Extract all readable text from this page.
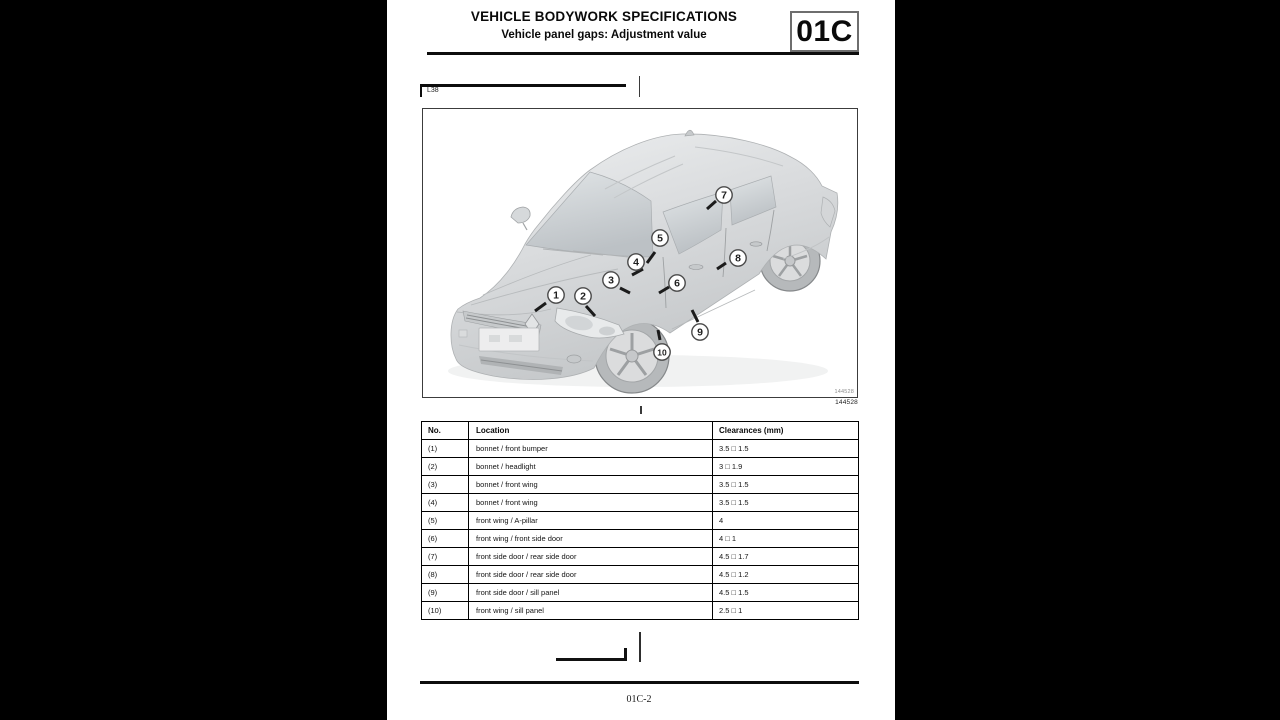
VEHICLE BODYWORK SPECIFICATIONS
Vehicle panel gaps: Adjustment value	01C
L38
1 2
3
4
5
6
7
8
9
10
144528
144528
No.	Location	Clearances (mm)
(1)	bonnet / front bumper	3.5 □ 1.5
(2)	bonnet / headlight	3 □ 1.9
(3)	bonnet / front wing	3.5 □ 1.5
(4)	bonnet / front wing	3.5 □ 1.5
(5)	front wing / A-pillar	4
(6)	front wing / front side door	4 □ 1
(7)	front side door / rear side door	4.5 □ 1.7
(8)	front side door / rear side door	4.5 □ 1.2
(9)	front side door / sill panel	4.5 □ 1.5
(10)	front wing / sill panel	2.5 □ 1
01C-2
